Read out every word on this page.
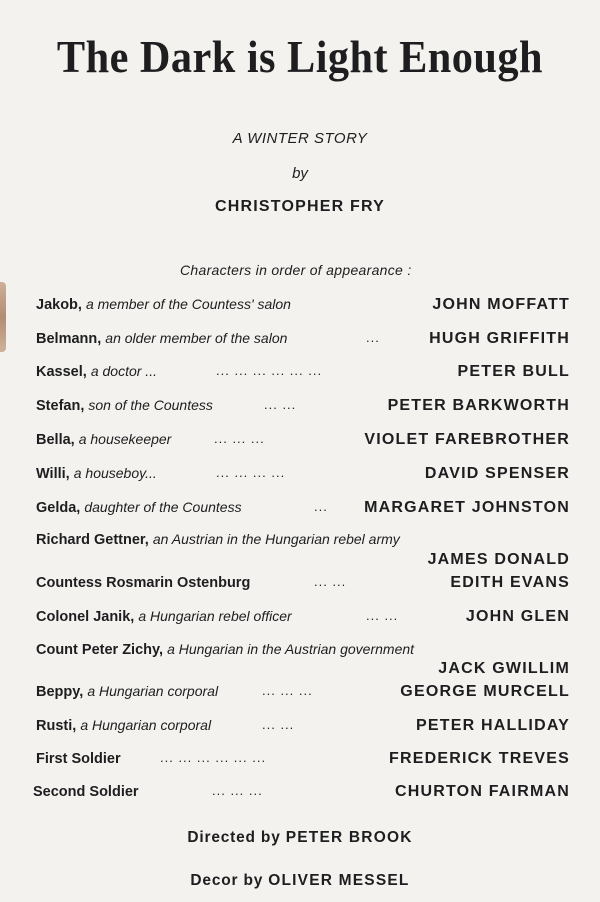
The Dark is Light Enough
A WINTER STORY
by
CHRISTOPHER FRY
Characters in order of appearance :
Jakob, a member of the Countess' salon	JOHN MOFFATT
Belmann, an older member of the salon	...	HUGH GRIFFITH
Kassel, a doctor ...	... ... ... ... ... ...	PETER BULL
Stefan, son of the Countess	... ...	PETER BARKWORTH
Bella, a housekeeper	... ... ...	VIOLET FAREBROTHER
Willi, a houseboy...	... ... ... ...	DAVID SPENSER
Gelda, daughter of the Countess	... MARGARET JOHNSTON
Richard Gettner, an Austrian in the Hungarian rebel army
JAMES DONALD
Countess Rosmarin Ostenburg	... ...	EDITH EVANS
Colonel Janik, a Hungarian rebel officer	... ...	JOHN GLEN
Count Peter Zichy, a Hungarian in the Austrian government
JACK GWILLIM
Beppy, a Hungarian corporal	... ... ...	GEORGE MURCELL
Rusti, a Hungarian corporal	... ...	PETER HALLIDAY
First Soldier	... ... ... ... ... ...	FREDERICK TREVES
Second Soldier	... ... ...	CHURTON FAIRMAN
Directed by PETER BROOK
Decor by OLIVER MESSEL
